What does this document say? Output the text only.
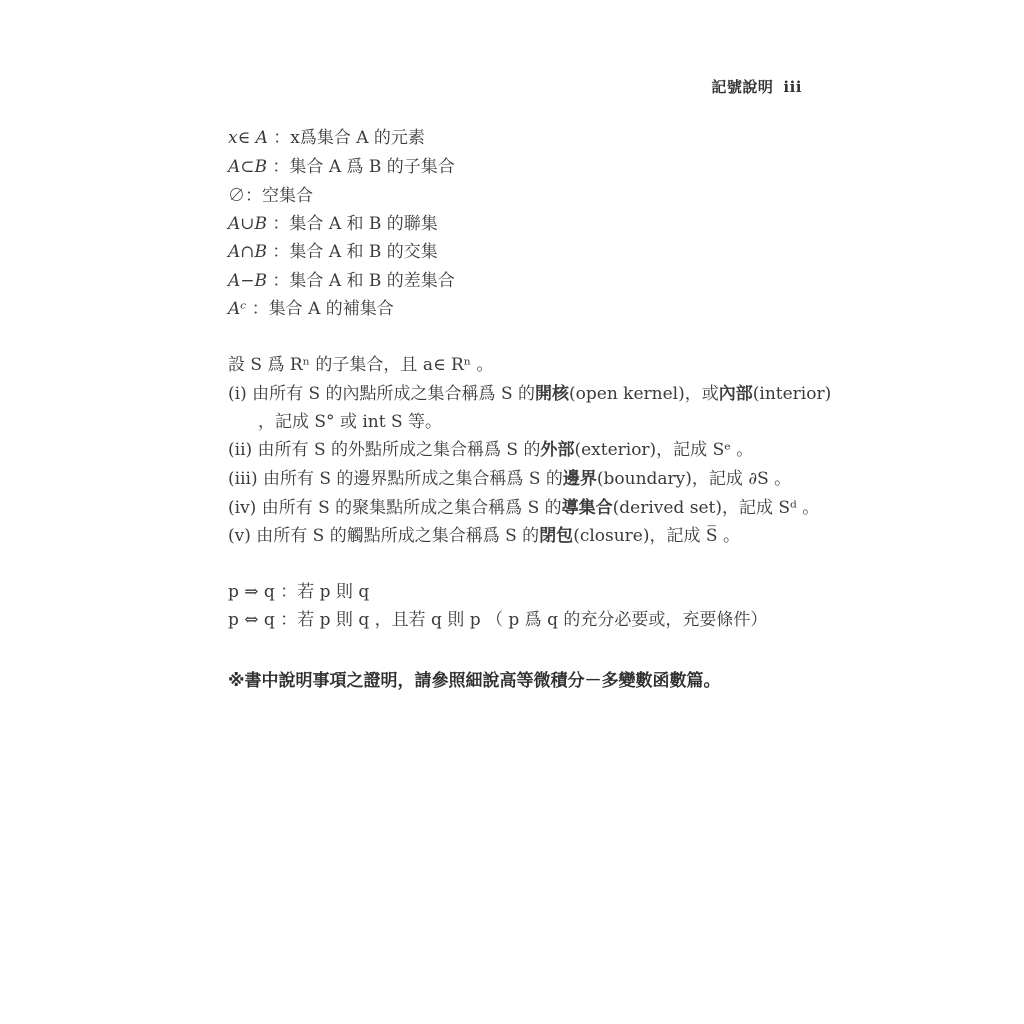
記號說明 iii
x∈ A ：x爲集合 A 的元素
A⊂B ：集合 A 爲 B 的子集合
∅：空集合
A∪B ：集合 A 和 B 的聯集
A∩B ：集合 A 和 B 的交集
A−B ：集合 A 和 B 的差集合
Aᶜ ：集合 A 的補集合
設 S 爲 Rⁿ 的子集合，且 a∈ Rⁿ 。
(i) 由所有 S 的內點所成之集合稱爲 S 的開核(open kernel)，或內部(interior)
，記成 S° 或 int S 等。
(ii) 由所有 S 的外點所成之集合稱爲 S 的外部(exterior)，記成 Sᵉ 。
(iii) 由所有 S 的邊界點所成之集合稱爲 S 的邊界(boundary)，記成 ∂S 。
(iv) 由所有 S 的聚集點所成之集合稱爲 S 的導集合(derived set)，記成 Sᵈ 。
(v) 由所有 S 的觸點所成之集合稱爲 S 的閉包(closure)，記成 S̅ 。
p ⇒ q ：若 p 則 q
p ⇔ q ：若 p 則 q ，且若 q 則 p （ p 爲 q 的充分必要或，充要條件）
※書中說明事項之證明，請參照細說高等微積分－多變數函數篇。
